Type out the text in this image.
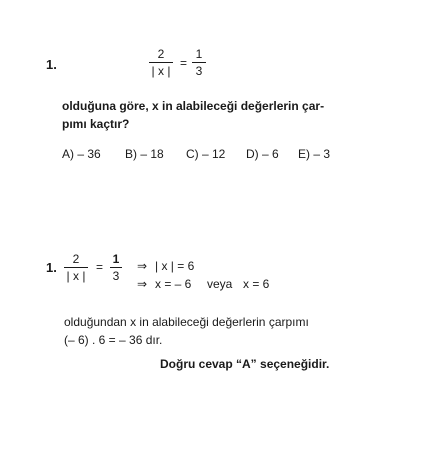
1.
2
| x |
=
1
3
olduğuna göre, x in alabileceği değerlerin çar-
pımı kaçtır?
A) – 36 B) – 18 C) – 12 D) – 6 E) – 3
1.
2
| x |
=
1
3
⇒ | x | = 6
⇒ x = – 6 veya x = 6
olduğundan x in alabileceği değerlerin çarpımı
(– 6) . 6 = – 36 dır.
Doğru cevap “A” seçeneğidir.
